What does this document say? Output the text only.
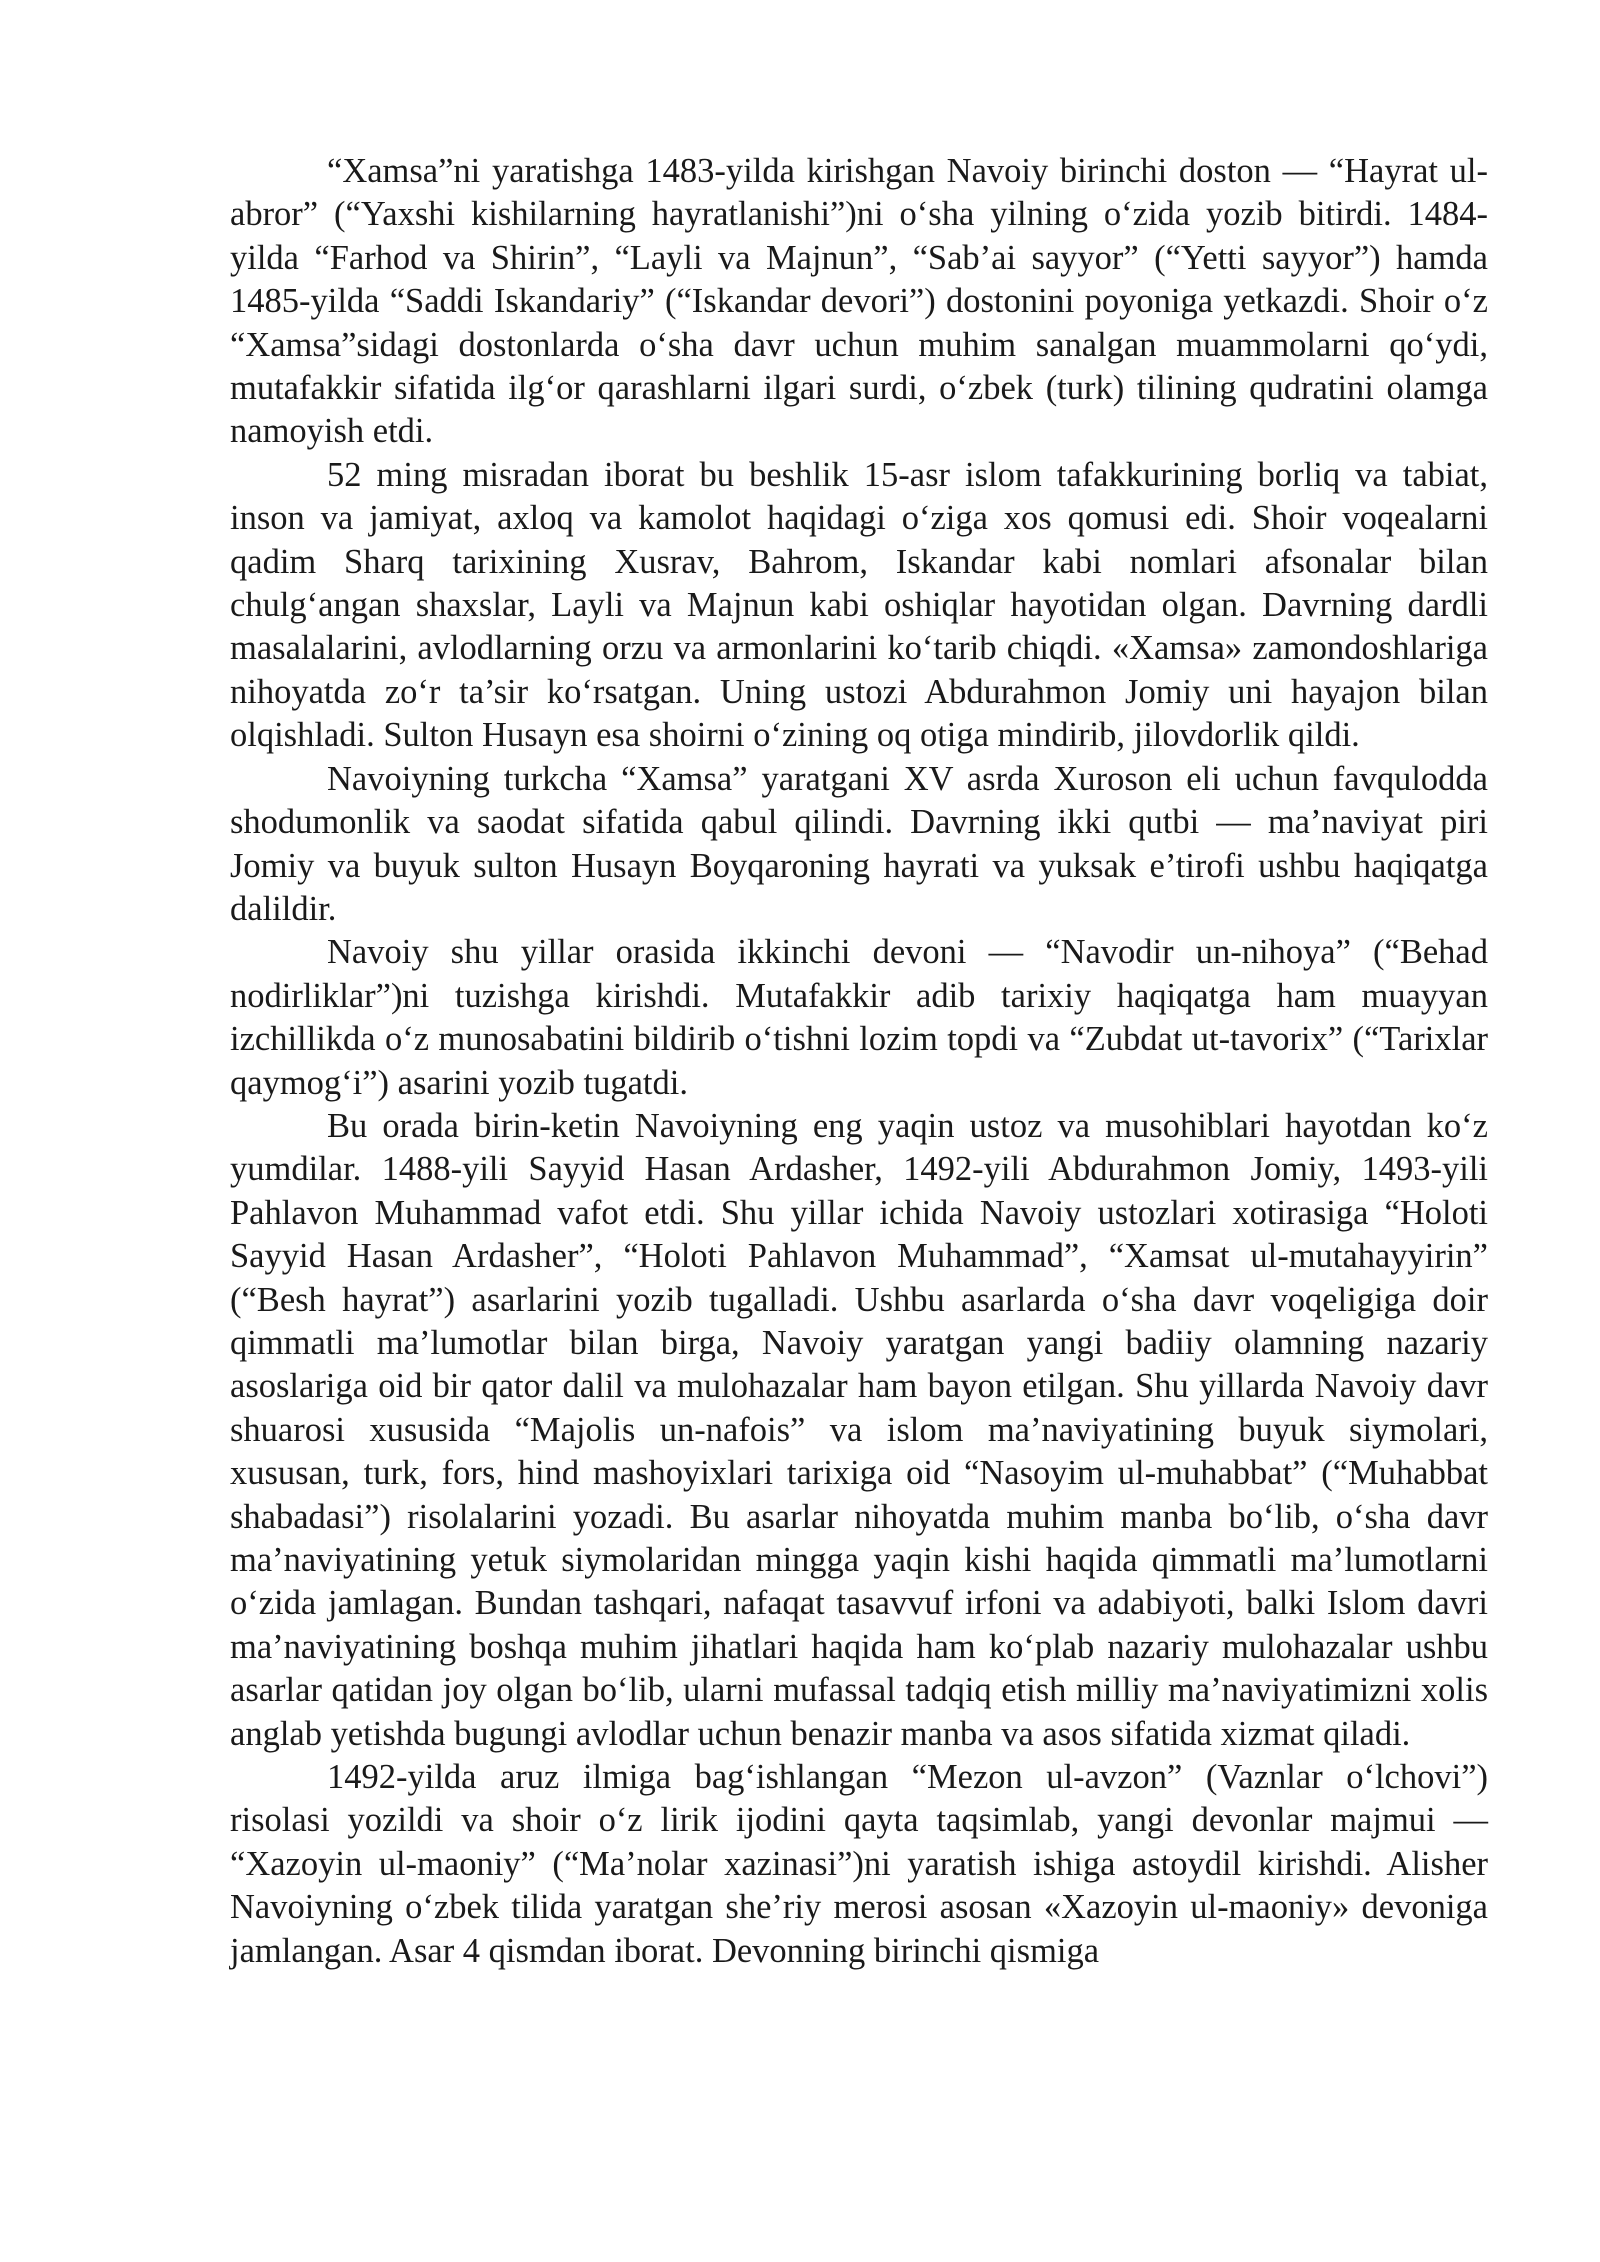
“Xamsa”ni yaratishga 1483-yilda kirishgan Navoiy birinchi doston — “Hayrat ul-abror” (“Yaxshi kishilarning hayratlanishi”)ni o‘sha yilning o‘zida yozib bitirdi. 1484-yilda “Farhod va Shirin”, “Layli va Majnun”, “Sab’ai sayyor” (“Yetti sayyor”) hamda 1485-yilda “Saddi Iskandariy” (“Iskandar devori”) dostonini poyoniga yetkazdi. Shoir o‘z “Xamsa”sidagi dostonlarda o‘sha davr uchun muhim sanalgan muammolarni qo‘ydi, mutafakkir sifatida ilg‘or qarashlarni ilgari surdi, o‘zbek (turk) tilining qudratini olamga namoyish etdi.

52 ming misradan iborat bu beshlik 15-asr islom tafakkurining borliq va tabiat, inson va jamiyat, axloq va kamolot haqidagi o‘ziga xos qomusi edi. Shoir voqealarni qadim Sharq tarixining Xusrav, Bahrom, Iskandar kabi nomlari afsonalar bilan chulg‘angan shaxslar, Layli va Majnun kabi oshiqlar hayotidan olgan. Davrning dardli masalalarini, avlodlarning orzu va armonlarini ko‘tarib chiqdi. «Xamsa» zamondoshlariga nihoyatda zo‘r ta’sir ko‘rsatgan. Uning ustozi Abdurahmon Jomiy uni hayajon bilan olqishladi. Sulton Husayn esa shoirni o‘zining oq otiga mindirib, jilovdorlik qildi.

Navoiyning turkcha “Xamsa” yaratgani XV asrda Xuroson eli uchun favqulodda shodumonlik va saodat sifatida qabul qilindi. Davrning ikki qutbi — ma’naviyat piri Jomiy va buyuk sulton Husayn Boyqaroning hayrati va yuksak e’tirofi ushbu haqiqatga dalildir.

Navoiy shu yillar orasida ikkinchi devoni — “Navodir un-nihoya” (“Behad nodirliklar”)ni tuzishga kirishdi. Mutafakkir adib tarixiy haqiqatga ham muayyan izchillikda o‘z munosabatini bildirib o‘tishni lozim topdi va “Zubdat ut-tavorix” (“Tarixlar qaymog‘i”) asarini yozib tugatdi.

Bu orada birin-ketin Navoiyning eng yaqin ustoz va musohiblari hayotdan ko‘z yumdilar. 1488-yili Sayyid Hasan Ardasher, 1492-yili Abdurahmon Jomiy, 1493-yili Pahlavon Muhammad vafot etdi. Shu yillar ichida Navoiy ustozlari xotirasiga “Holoti Sayyid Hasan Ardasher”, “Holoti Pahlavon Muhammad”, “Xamsat ul-mutahayyirin” (“Besh hayrat”) asarlarini yozib tugalladi. Ushbu asarlarda o‘sha davr voqeligiga doir qimmatli ma’lumotlar bilan birga, Navoiy yaratgan yangi badiiy olamning nazariy asoslariga oid bir qator dalil va mulohazalar ham bayon etilgan. Shu yillarda Navoiy davr shuarosi xususida “Majolis un-nafois” va islom ma’naviyatining buyuk siymolari, xususan, turk, fors, hind mashoyixlari tarixiga oid “Nasoyim ul-muhabbat” (“Muhabbat shabadasi”) risolalarini yozadi. Bu asarlar nihoyatda muhim manba bo‘lib, o‘sha davr ma’naviyatining yetuk siymolaridan mingga yaqin kishi haqida qimmatli ma’lumotlarni o‘zida jamlagan. Bundan tashqari, nafaqat tasavvuf irfoni va adabiyoti, balki Islom davri ma’naviyatining boshqa muhim jihatlari haqida ham ko‘plab nazariy mulohazalar ushbu asarlar qatidan joy olgan bo‘lib, ularni mufassal tadqiq etish milliy ma’naviyatimizni xolis anglab yetishda bugungi avlodlar uchun benazir manba va asos sifatida xizmat qiladi.

1492-yilda aruz ilmiga bag‘ishlangan “Mezon ul-avzon” (Vaznlar o‘lchovi”) risolasi yozildi va shoir o‘z lirik ijodini qayta taqsimlab, yangi devonlar majmui — “Xazoyin ul-maoniy” (“Ma’nolar xazinasi”)ni yaratish ishiga astoydil kirishdi. Alisher Navoiyning o‘zbek tilida yaratgan she’riy merosi asosan «Xazoyin ul-maoniy» devoniga jamlangan. Asar 4 qismdan iborat. Devonning birinchi qismiga
